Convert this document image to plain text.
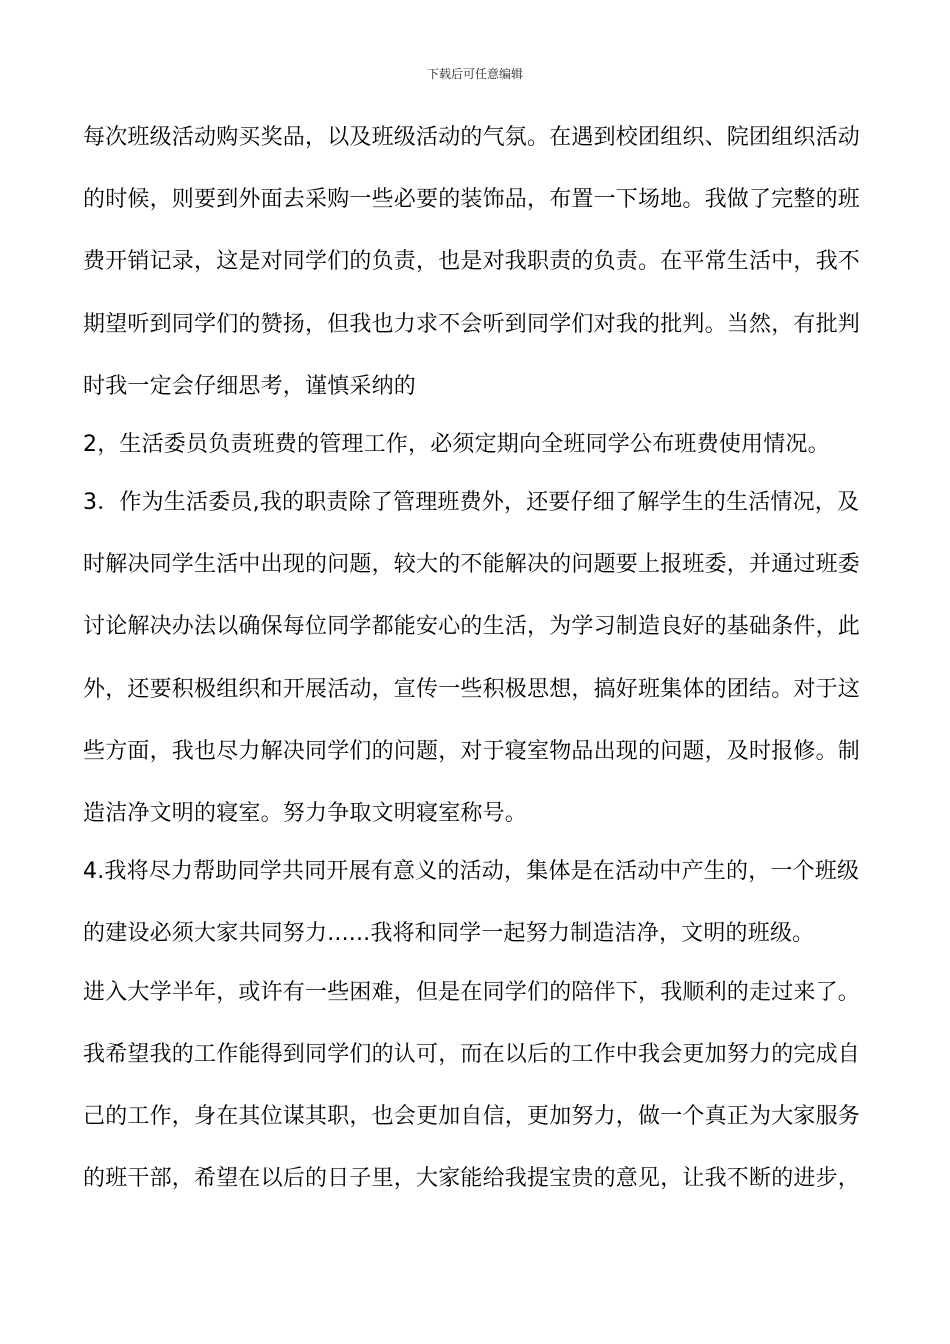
下载后可任意编辑
每次班级活动购买奖品，以及班级活动的气氛。在遇到校团组织、院团组织活动
的时候，则要到外面去采购一些必要的装饰品，布置一下场地。我做了完整的班
费开销记录，这是对同学们的负责，也是对我职责的负责。在平常生活中，我不
期望听到同学们的赞扬，但我也力求不会听到同学们对我的批判。当然，有批判
时我一定会仔细思考，谨慎采纳的
2，生活委员负责班费的管理工作，必须定期向全班同学公布班费使用情况。
3．作为生活委员,我的职责除了管理班费外，还要仔细了解学生的生活情况，及
时解决同学生活中出现的问题，较大的不能解决的问题要上报班委，并通过班委
讨论解决办法以确保每位同学都能安心的生活，为学习制造良好的基础条件，此
外，还要积极组织和开展活动，宣传一些积极思想，搞好班集体的团结。对于这
些方面，我也尽力解决同学们的问题，对于寝室物品出现的问题，及时报修。制
造洁净文明的寝室。努力争取文明寝室称号。
4.我将尽力帮助同学共同开展有意义的活动，集体是在活动中产生的，一个班级
的建设必须大家共同努力......我将和同学一起努力制造洁净，文明的班级。
进入大学半年，或许有一些困难，但是在同学们的陪伴下，我顺利的走过来了。
我希望我的工作能得到同学们的认可，而在以后的工作中我会更加努力的完成自
己的工作，身在其位谋其职，也会更加自信，更加努力，做一个真正为大家服务
的班干部，希望在以后的日子里，大家能给我提宝贵的意见，让我不断的进步，
